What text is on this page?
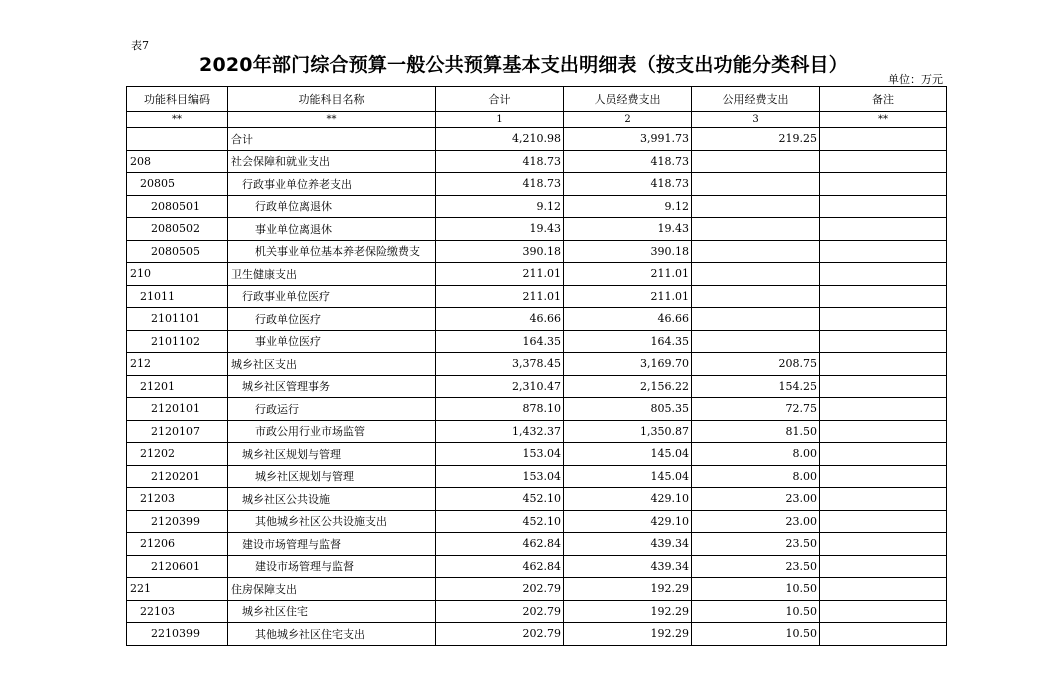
表7
2020年部门综合预算一般公共预算基本支出明细表（按支出功能分类科目）
单位：万元
功能科目编码	功能科目名称	合计	人员经费支出	公用经费支出	备注
**	**	1	2	3	**
	合计	4,210.98	3,991.73	219.25	
208	社会保障和就业支出	418.73	418.73		
20805	行政事业单位养老支出	418.73	418.73		
2080501	行政单位离退休	9.12	9.12		
2080502	事业单位离退休	19.43	19.43		
2080505	机关事业单位基本养老保险缴费支	390.18	390.18		
210	卫生健康支出	211.01	211.01		
21011	行政事业单位医疗	211.01	211.01		
2101101	行政单位医疗	46.66	46.66		
2101102	事业单位医疗	164.35	164.35		
212	城乡社区支出	3,378.45	3,169.70	208.75	
21201	城乡社区管理事务	2,310.47	2,156.22	154.25	
2120101	行政运行	878.10	805.35	72.75	
2120107	市政公用行业市场监管	1,432.37	1,350.87	81.50	
21202	城乡社区规划与管理	153.04	145.04	8.00	
2120201	城乡社区规划与管理	153.04	145.04	8.00	
21203	城乡社区公共设施	452.10	429.10	23.00	
2120399	其他城乡社区公共设施支出	452.10	429.10	23.00	
21206	建设市场管理与监督	462.84	439.34	23.50	
2120601	建设市场管理与监督	462.84	439.34	23.50	
221	住房保障支出	202.79	192.29	10.50	
22103	城乡社区住宅	202.79	192.29	10.50	
2210399	其他城乡社区住宅支出	202.79	192.29	10.50	
